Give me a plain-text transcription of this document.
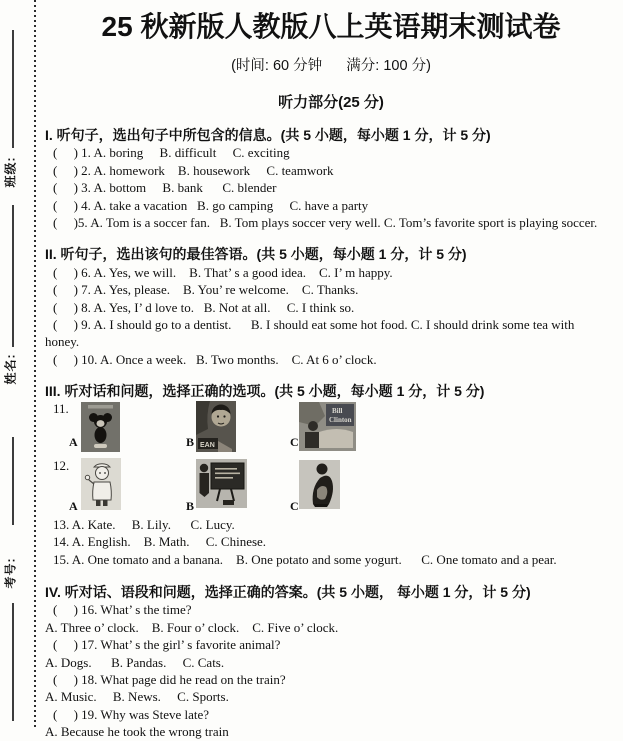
班级:
姓名:
考号:
25 秋新版人教版八上英语期末测试卷
(时间: 60 分钟      满分: 100 分)
听力部分(25 分)
I. 听句子，选出句子中所包含的信息。(共 5 小题，每小题 1 分，计 5 分)
(     ) 1. A. boring     B. difficult     C. exciting
(     ) 2. A. homework    B. housework     C. teamwork
(     ) 3. A. bottom     B. bank      C. blender
(     ) 4. A. take a vacation   B. go camping     C. have a party
(     )5. A. Tom is a soccer fan.   B. Tom plays soccer very well. C. Tom’s favorite sport is playing soccer.
II. 听句子，选出该句的最佳答语。(共 5 小题，每小题 1 分，计 5 分)
(     ) 6. A. Yes, we will.    B. That’ s a good idea.    C. I’ m happy.
(     ) 7. A. Yes, please.    B. You’ re welcome.    C. Thanks.
(     ) 8. A. Yes, I’ d love to.   B. Not at all.     C. I think so.
(     ) 9. A. I should go to a dentist.      B. I should eat some hot food. C. I should drink some tea with
honey.
(     ) 10. A. Once a week.   B. Two months.    C. At 6 o’ clock.
III. 听对话和问题，选择正确的选项。(共 5 小题，每小题 1 分，计 5 分)
11.
EAN
Bill
Clinton
A	B	C
12.
A	B	C
13. A. Kate.     B. Lily.      C. Lucy.
14. A. English.    B. Math.     C. Chinese.
15. A. One tomato and a banana.    B. One potato and some yogurt.      C. One tomato and a pear.
IV. 听对话、语段和问题，选择正确的答案。(共 5 小题， 每小题 1 分，计 5 分)
(     ) 16. What’ s the time?
A. Three o’ clock.    B. Four o’ clock.    C. Five o’ clock.
(     ) 17. What’ s the girl’ s favorite animal?
A. Dogs.      B. Pandas.     C. Cats.
(     ) 18. What page did he read on the train?
A. Music.     B. News.     C. Sports.
(     ) 19. Why was Steve late?
A. Because he took the wrong train
